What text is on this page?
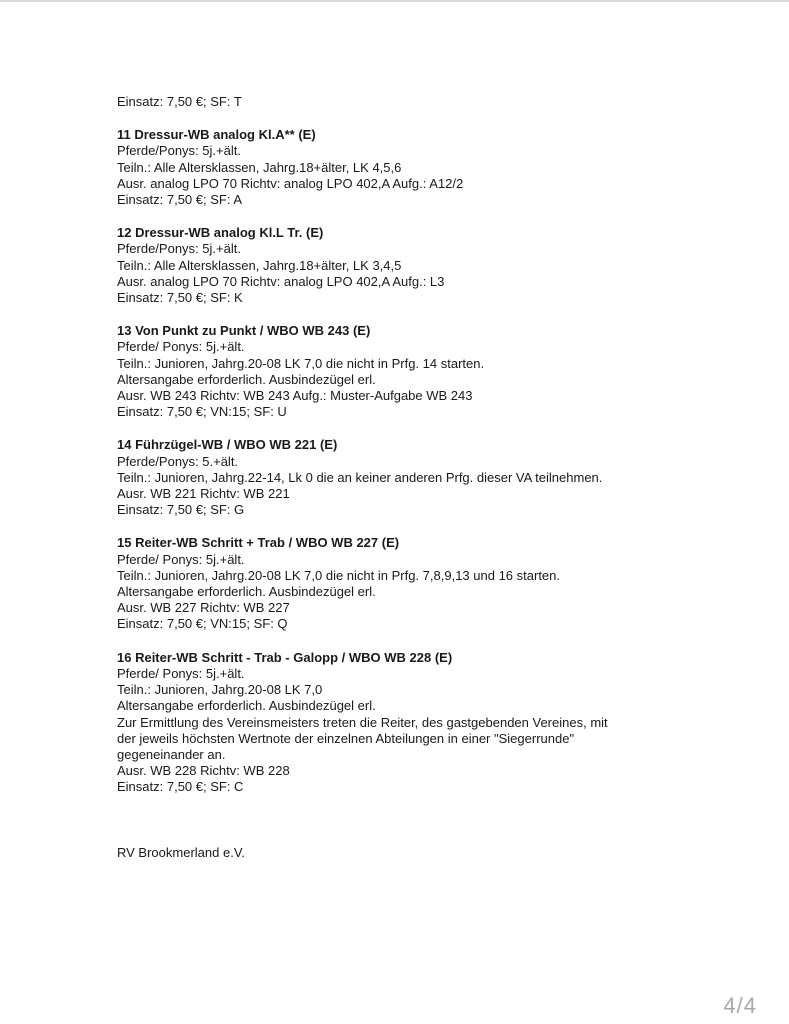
Einsatz: 7,50 €; SF: T
11 Dressur-WB analog Kl.A** (E)
Pferde/Ponys: 5j.+ält.
Teiln.: Alle Altersklassen, Jahrg.18+älter, LK 4,5,6
Ausr. analog LPO 70 Richtv: analog LPO 402,A Aufg.: A12/2
Einsatz: 7,50 €; SF: A
12 Dressur-WB analog Kl.L Tr. (E)
Pferde/Ponys: 5j.+ält.
Teiln.: Alle Altersklassen, Jahrg.18+älter, LK 3,4,5
Ausr. analog LPO 70 Richtv: analog LPO 402,A Aufg.: L3
Einsatz: 7,50 €; SF: K
13 Von Punkt zu Punkt / WBO WB 243 (E)
Pferde/ Ponys: 5j.+ält.
Teiln.: Junioren, Jahrg.20-08 LK 7,0 die nicht in Prfg. 14 starten.
Altersangabe erforderlich. Ausbindezügel erl.
Ausr. WB 243 Richtv: WB 243 Aufg.: Muster-Aufgabe WB 243
Einsatz: 7,50 €; VN:15; SF: U
14 Führzügel-WB / WBO WB 221 (E)
Pferde/Ponys: 5.+ält.
Teiln.: Junioren, Jahrg.22-14, Lk 0 die an keiner anderen Prfg. dieser VA teilnehmen.
Ausr. WB 221 Richtv: WB 221
Einsatz: 7,50 €; SF: G
15 Reiter-WB Schritt + Trab / WBO WB 227 (E)
Pferde/ Ponys: 5j.+ält.
Teiln.: Junioren, Jahrg.20-08 LK 7,0 die nicht in Prfg. 7,8,9,13 und 16 starten.
Altersangabe erforderlich. Ausbindezügel erl.
Ausr. WB 227 Richtv: WB 227
Einsatz: 7,50 €; VN:15; SF: Q
16 Reiter-WB Schritt - Trab - Galopp / WBO WB 228 (E)
Pferde/ Ponys: 5j.+ält.
Teiln.: Junioren, Jahrg.20-08 LK 7,0
Altersangabe erforderlich. Ausbindezügel erl.
Zur Ermittlung des Vereinsmeisters treten die Reiter, des gastgebenden Vereines, mit
der jeweils höchsten Wertnote der einzelnen Abteilungen in einer "Siegerrunde"
gegeneinander an.
Ausr. WB 228 Richtv: WB 228
Einsatz: 7,50 €; SF: C
RV Brookmerland e.V.
4/4
